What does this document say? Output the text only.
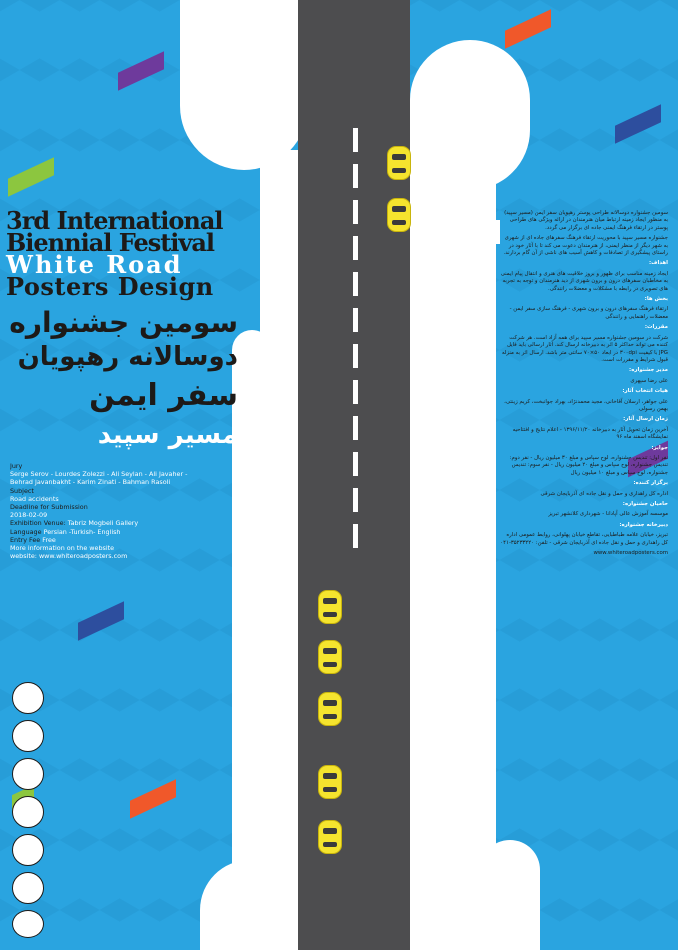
3rd International
Biennial Festival
White Road
Posters Design
سومین جشنواره
دوسالانه رهپویان
سفر ایمن
مسیر سپید
Jury
Serge Serov - Lourdes Zolezzi - Ali Seylan - Ali Javaher -
Behrad Javanbakht - Karim Zinati - Bahman Rasoli
Subject
Road accidents
Deadline for Submission
2018-02-09
Exhibition Venue: Tabriz Mogbeli Gallery
Language Persian -Turkish- English
Entry Fee Free
More information on the website
website: www.whiteroadposters.com

سومین جشنواره دوسالانه طراحی پوستر رهپویان سفر ایمن (مسیر سپید) به منظور ایجاد زمینه ارتباط میان هنرمندان در ارائه ویژگی های طراحی پوستر در ارتقاء فرهنگ ایمنی جاده ای برگزار می گردد.

جشنواره مسیر سپید با محوریت ارتقاء فرهنگ سفرهای جاده ای از شهری به شهر دیگر از منظر ایمنی، از هنرمندان دعوت می کند تا با آثار خود در راستای پیشگیری از تصادفات و کاهش آسیب های ناشی از آن گام بردارند.

اهداف:

ایجاد زمینه مناسب برای ظهور و بروز خلاقیت های هنری و انتقال پیام ایمنی به مخاطبان سفرهای درون و برون شهری از دید هنرمندان و توجه به تجربه های تصویری در رابطه با مشکلات و معضلات رانندگی.

بخش ها:

ارتقاء فرهنگ سفرهای درون و برون شهری - فرهنگ سازی سفر ایمن - معضلات راهنمایی و رانندگی

مقررات:

شرکت در سومین جشنواره مسیر سپید برای همه آزاد است. هر شرکت کننده می تواند حداکثر ۵ اثر به دبیرخانه ارسال کند. آثار ارسالی باید فایل JPG با کیفیت ۳۰۰dpi در ابعاد ۵۰×۷۰ سانتی متر باشد. ارسال اثر به منزله قبول شرایط و مقررات است.

مدیر جشنواره:

علی رضا سپهری

هیات انتخاب آثار:

علی جواهر، ارسلان آقاخانی، مجید محمدنژاد، بهراد جوانبخت، کریم زینتی، بهمن رسولی

زمان ارسال آثار:

آخرین زمان تحویل آثار به دبیرخانه ۱۳۹۶/۱۱/۲۰ - اعلام نتایج و افتتاحیه نمایشگاه اسفند ماه ۹۶

جوایز:

نفر اول: تندیس جشنواره، لوح سپاس و مبلغ ۳۰ میلیون ریال - نفر دوم: تندیس جشنواره، لوح سپاس و مبلغ ۲۰ میلیون ریال - نفر سوم: تندیس جشنواره، لوح سپاس و مبلغ ۱۰ میلیون ریال

برگزار کننده:

اداره کل راهداری و حمل و نقل جاده ای آذربایجان شرقی

حامیان جشنواره:

موسسه آموزش عالی آپادانا - شهرداری کلانشهر تبریز

دبیرخانه جشنواره:

تبریز، خیابان علامه طباطبایی، تقاطع خیابان پهلوانی، روابط عمومی اداره کل راهداری و حمل و نقل جاده ای آذربایجان شرقی - تلفن: ۳۵۲۳۳۲۲۰-۰۴۱

www.whiteroadposters.com
